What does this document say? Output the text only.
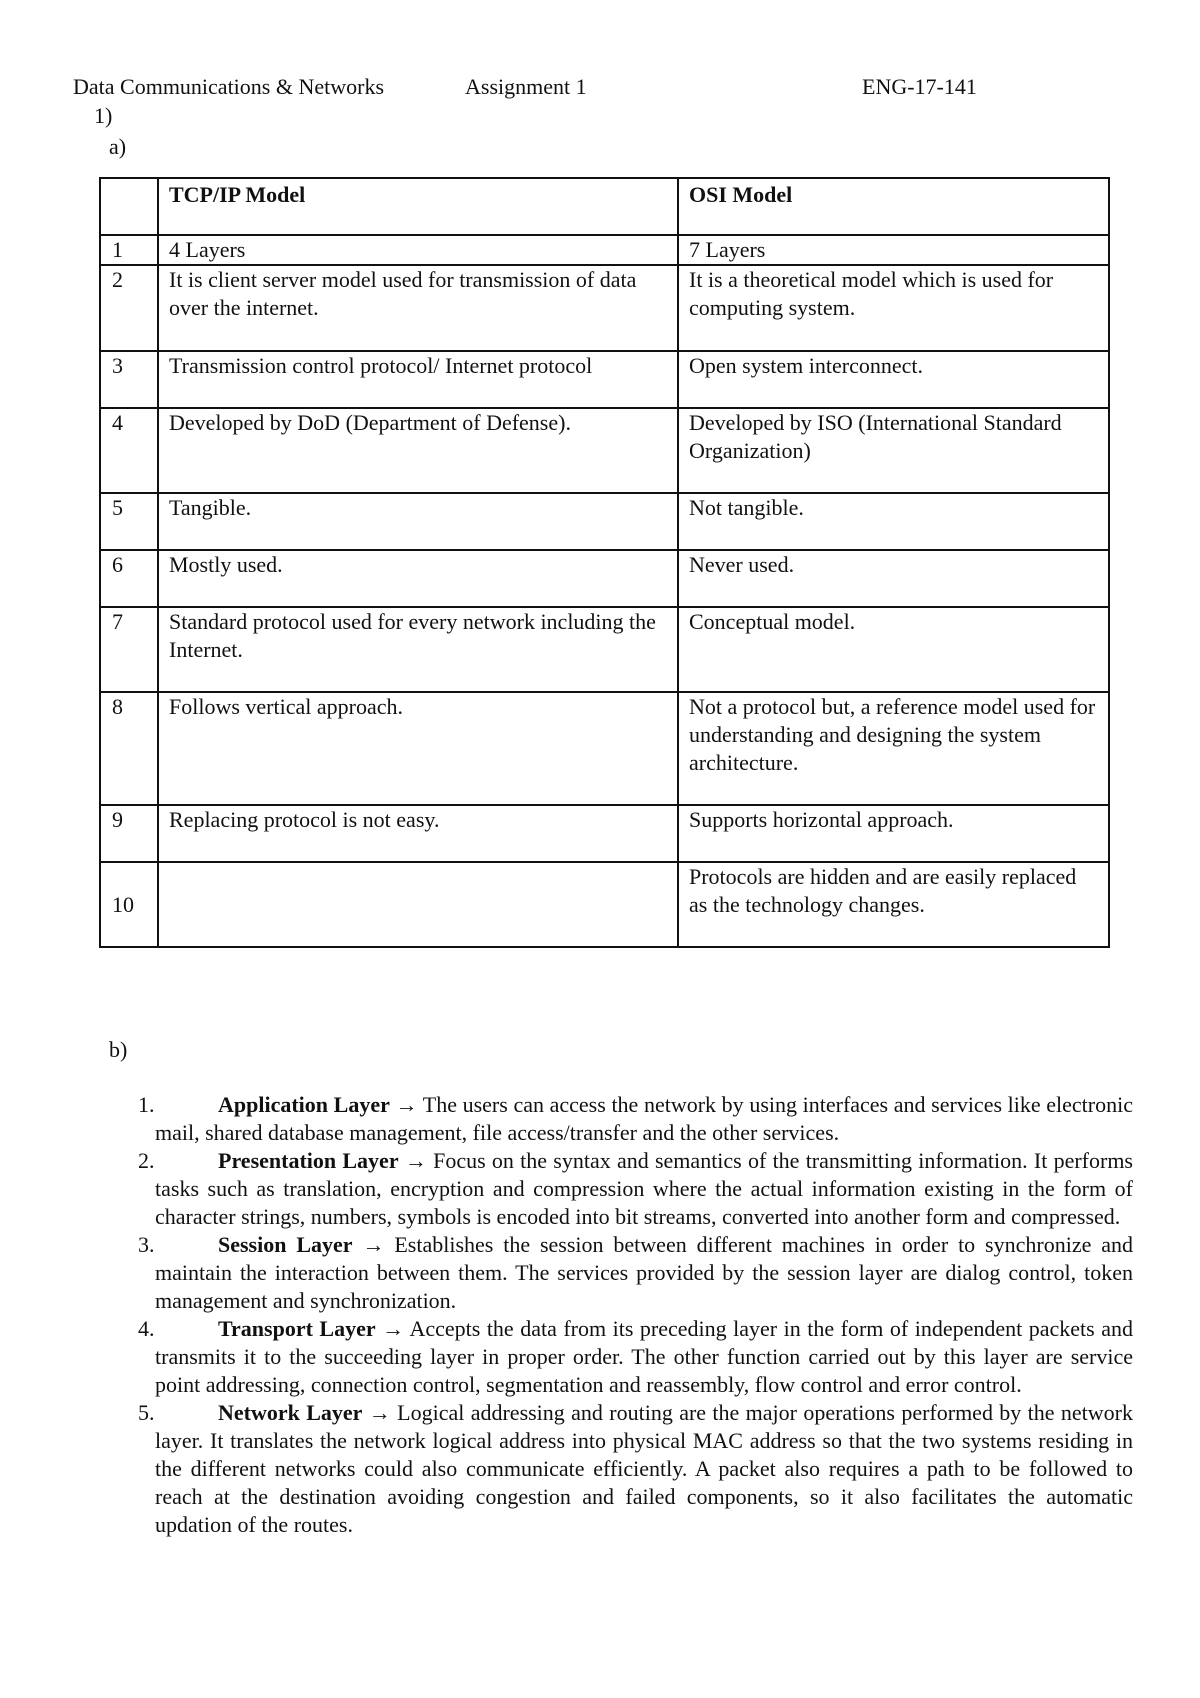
Data Communications & Networks	Assignment 1	ENG-17-141
1)
a)
	TCP/IP Model	OSI Model
1	4 Layers	7 Layers
2	It is client server model used for transmission of data over the internet.	It is a theoretical model which is used for computing system.
3	Transmission control protocol/ Internet protocol	Open system interconnect.
4	Developed by DoD (Department of Defense).	Developed by ISO (International Standard Organization)
5	Tangible.	Not tangible.
6	Mostly used.	Never used.
7	Standard protocol used for every network including the Internet.	Conceptual model.
8	Follows vertical approach.	Not a protocol but, a reference model used for understanding and designing the system architecture.
9	Replacing protocol is not easy.	Supports horizontal approach.
10		Protocols are hidden and are easily replaced as the technology changes.
b)
1.	Application Layer → The users can access the network by using interfaces and services like electronic mail, shared database management, file access/transfer and the other services.
2.	Presentation Layer → Focus on the syntax and semantics of the transmitting information. It performs tasks such as translation, encryption and compression where the actual information existing in the form of character strings, numbers, symbols is encoded into bit streams, converted into another form and compressed.
3.	Session Layer → Establishes the session between different machines in order to synchronize and maintain the interaction between them. The services provided by the session layer are dialog control, token management and synchronization.
4.	Transport Layer → Accepts the data from its preceding layer in the form of independent packets and transmits it to the succeeding layer in proper order. The other function carried out by this layer are service point addressing, connection control, segmentation and reassembly, flow control and error control.
5.	Network Layer → Logical addressing and routing are the major operations performed by the network layer. It translates the network logical address into physical MAC address so that the two systems residing in the different networks could also communicate efficiently. A packet also requires a path to be followed to reach at the destination avoiding congestion and failed components, so it also facilitates the automatic updation of the routes.
